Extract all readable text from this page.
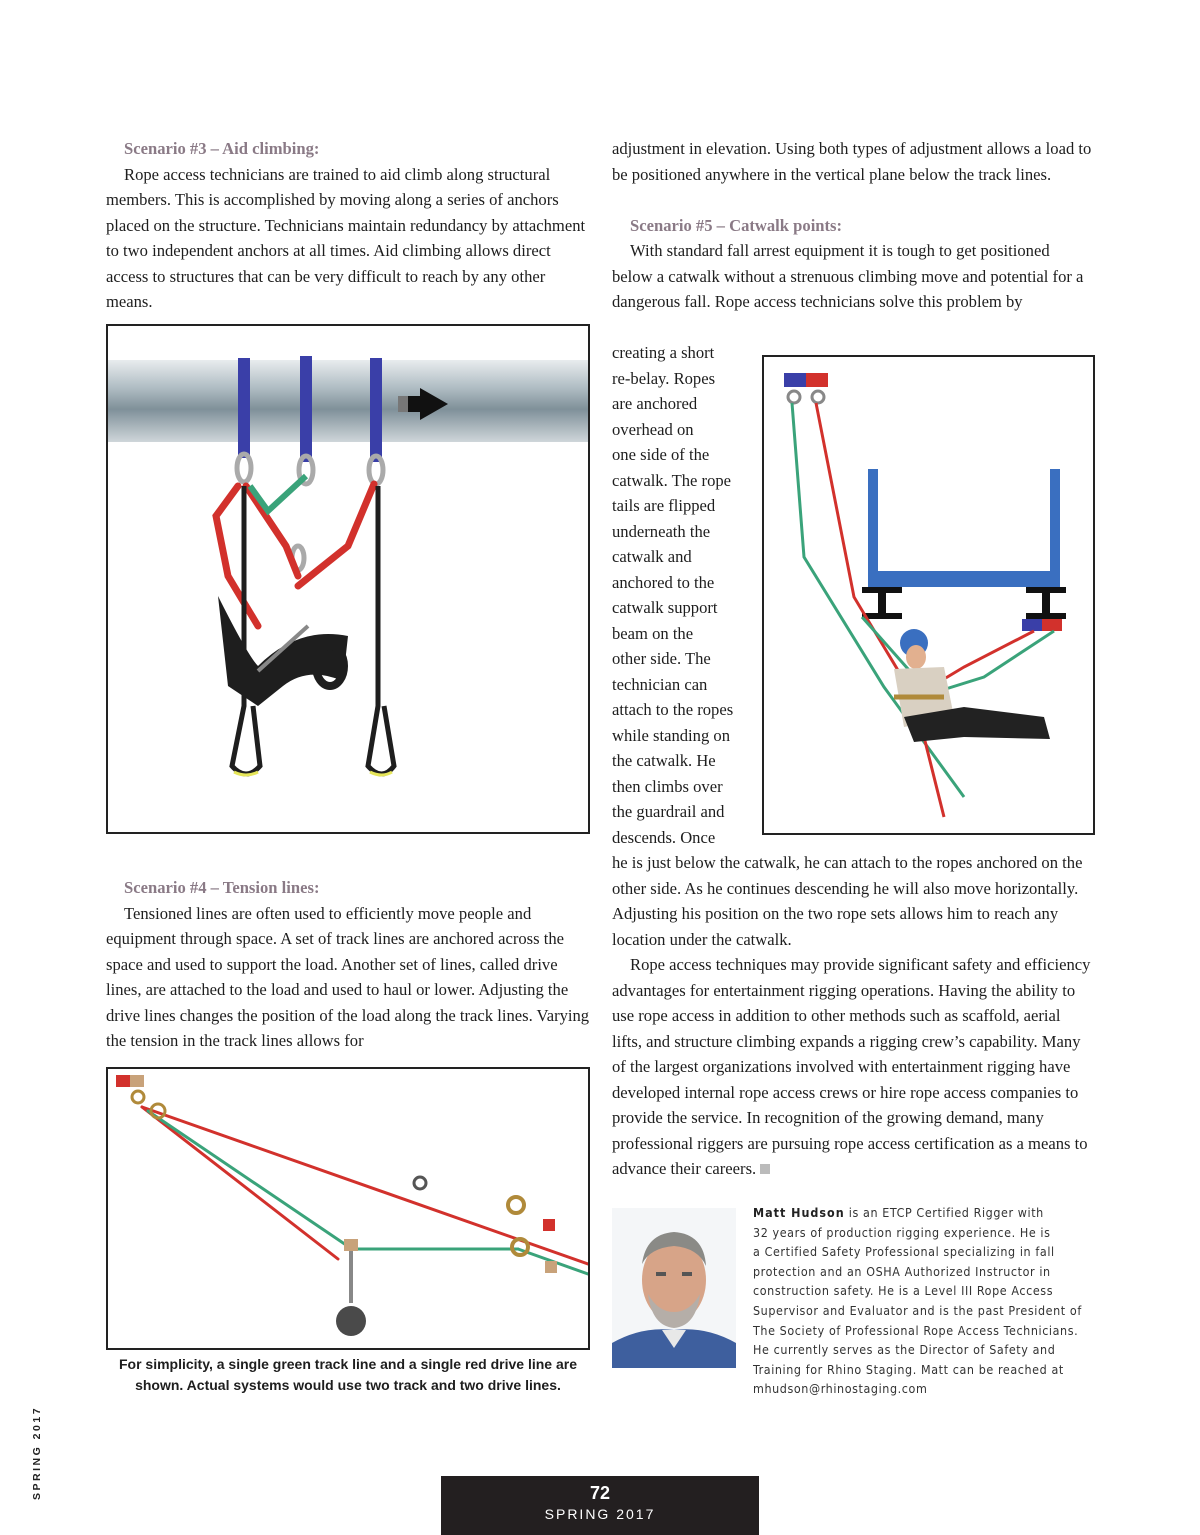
Scenario #3 – Aid climbing:

Rope access technicians are trained to aid climb along structural members. This is accomplished by moving along a series of anchors placed on the structure. Technicians maintain redundancy by attachment to two independent anchors at all times. Aid climbing allows direct access to structures that can be very difficult to reach by any other means.

Scenario #4 – Tension lines:

Tensioned lines are often used to efficiently move people and equipment through space. A set of track lines are anchored across the space and used to support the load. Another set of lines, called drive lines, are attached to the load and used to haul or lower. Adjusting the drive lines changes the position of the load along the track lines. Varying the tension in the track lines allows for

For simplicity, a single green track line and a single red drive line are shown. Actual systems would use two track and two drive lines.

adjustment in elevation. Using both types of adjustment allows a load to be positioned anywhere in the vertical plane below the track lines.

Scenario #5 – Catwalk points:

With standard fall arrest equipment it is tough to get positioned below a catwalk without a strenuous climbing move and potential for a dangerous fall. Rope access technicians solve this problem by

creating a short
re-belay. Ropes
are anchored
overhead on
one side of the
catwalk. The rope
tails are flipped
underneath the
catwalk and
anchored to the
catwalk support
beam on the
other side. The
technician can
attach to the ropes
while standing on
the catwalk. He
then climbs over
the guardrail and
descends. Once

he is just below the catwalk, he can attach to the ropes anchored on the other side. As he continues descending he will also move horizontally. Adjusting his position on the two rope sets allows him to reach any location under the catwalk.

Rope access techniques may provide significant safety and efficiency advantages for entertainment rigging operations. Having the ability to use rope access in addition to other methods such as scaffold, aerial lifts, and structure climbing expands a rigging crew’s capability. Many of the largest organizations involved with entertainment rigging have developed internal rope access crews or hire rope access companies to provide the service. In recognition of the growing demand, many professional riggers are pursuing rope access certification as a means to advance their careers.

Matt Hudson is an ETCP Certified Rigger with
32 years of production rigging experience. He is
a Certified Safety Professional specializing in fall
protection and an OSHA Authorized Instructor in
construction safety. He is a Level III Rope Access
Supervisor and Evaluator and is the past President of
The Society of Professional Rope Access Technicians.
He currently serves as the Director of Safety and
Training for Rhino Staging. Matt can be reached at
mhudson@rhinostaging.com
SPRING 2017	72
SPRING 2017
